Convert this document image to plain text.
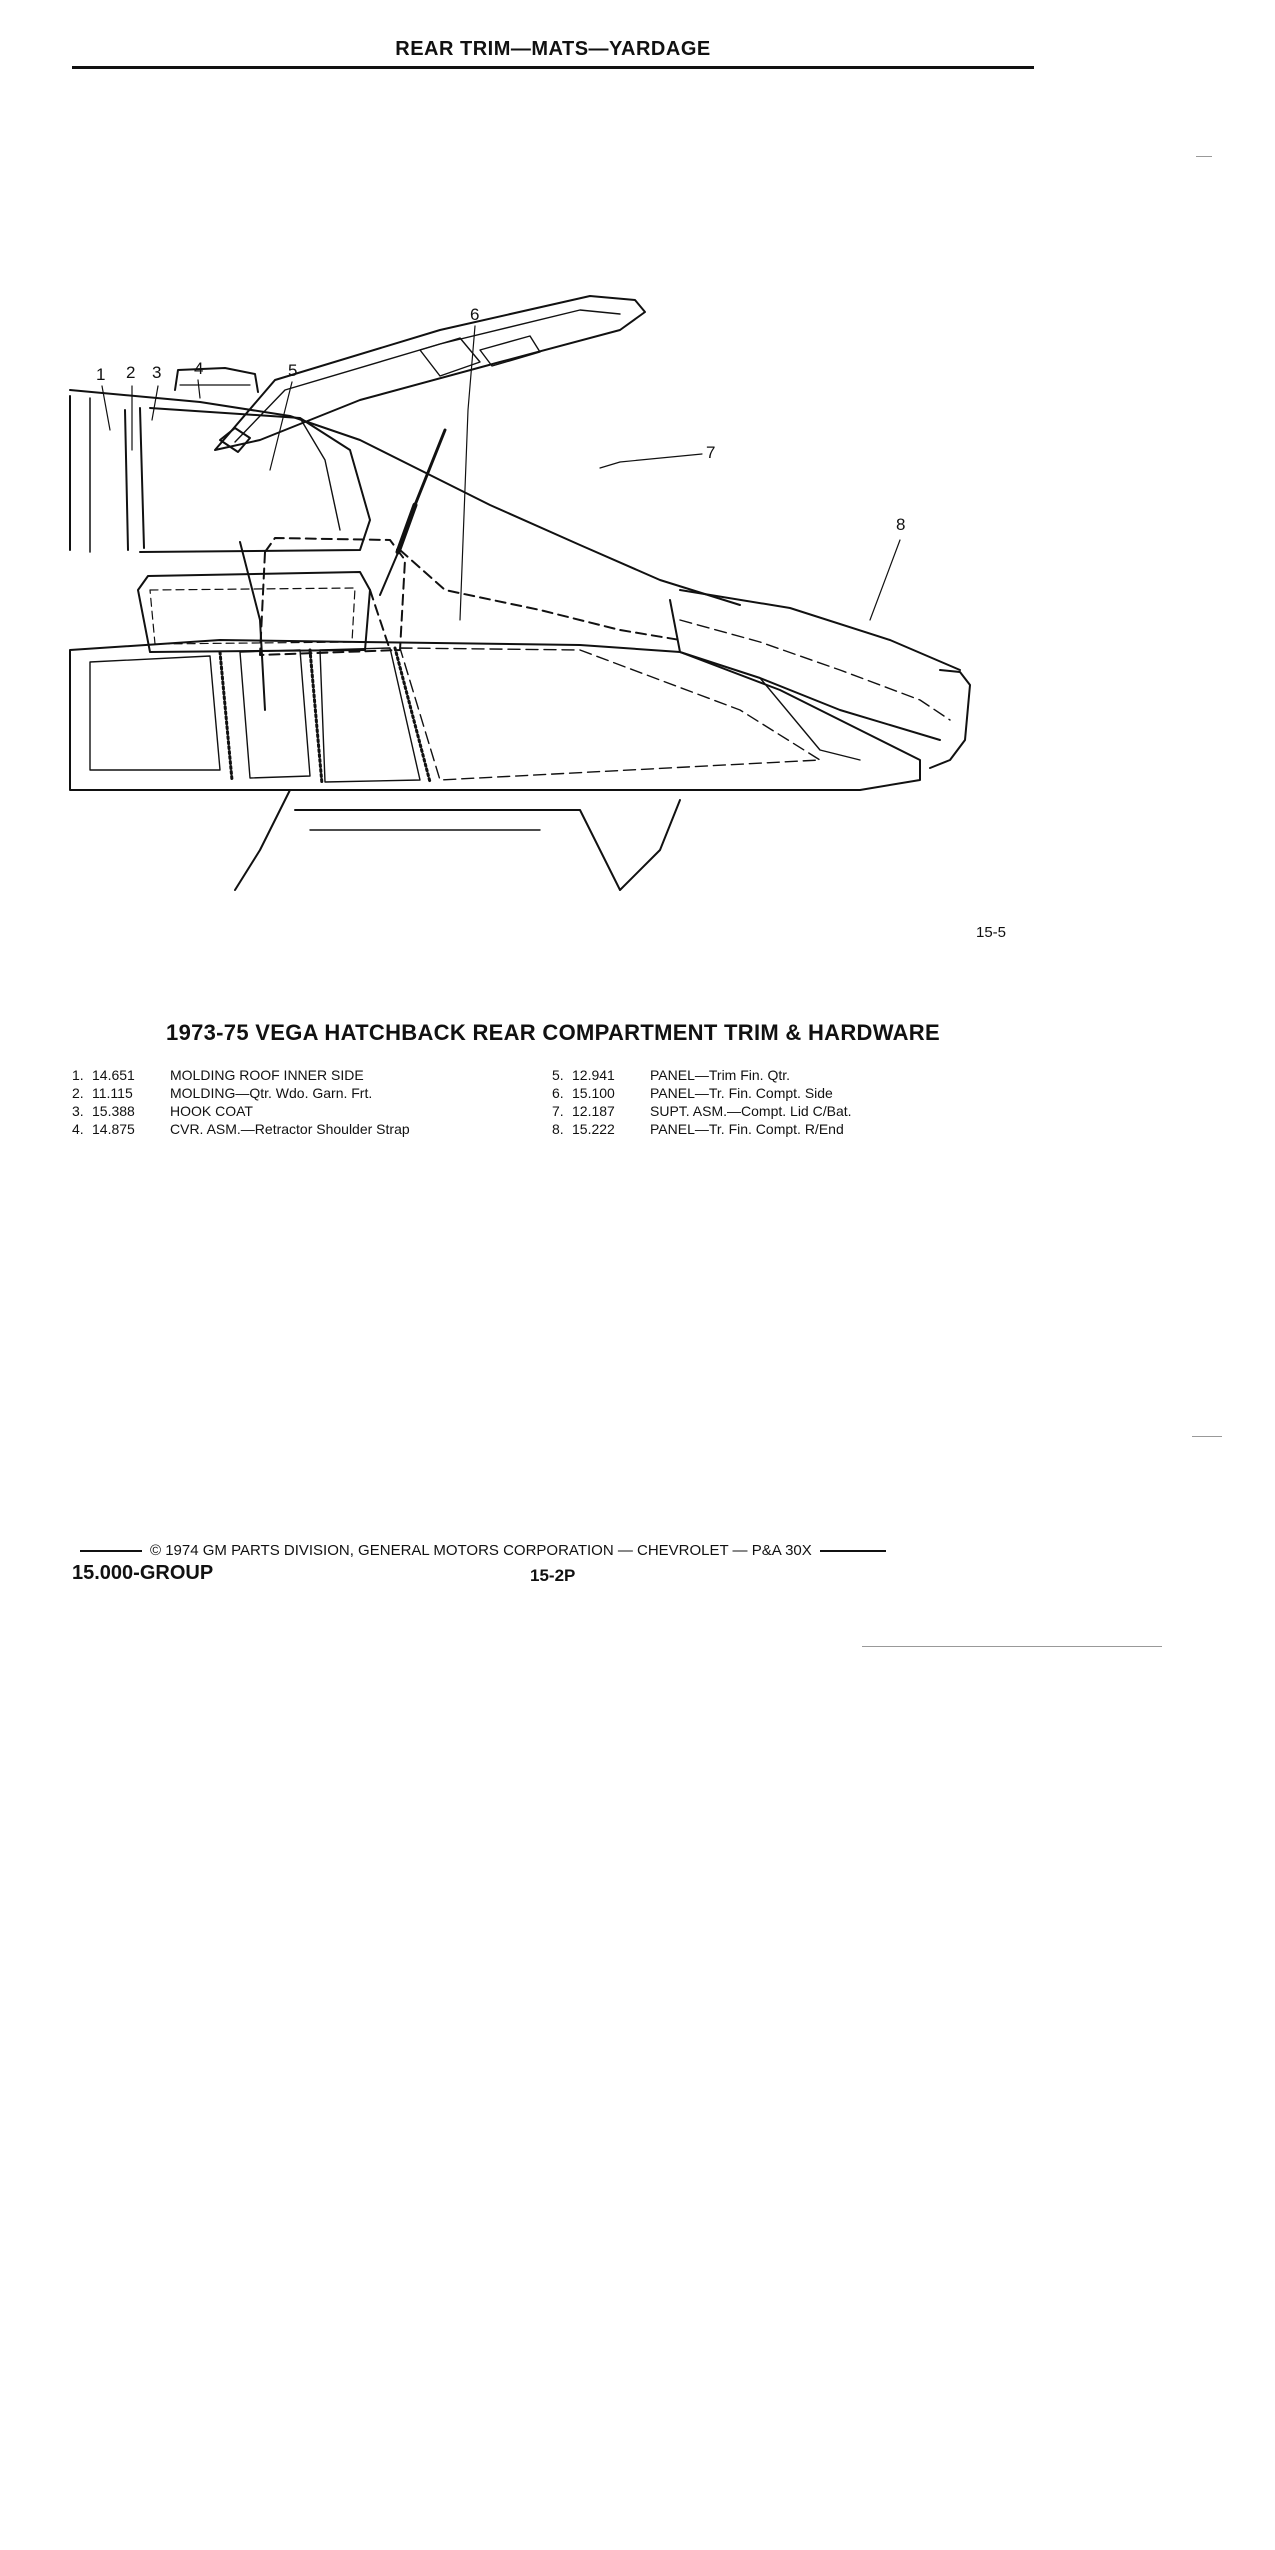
REAR TRIM—MATS—YARDAGE
1 2 3 4	5
6
7
8
15-5
1973-75 VEGA HATCHBACK REAR COMPARTMENT TRIM & HARDWARE
1. 14.651	MOLDING ROOF INNER SIDE
2. 11.115	MOLDING—Qtr. Wdo. Garn. Frt.
3. 15.388	HOOK COAT
4. 14.875	CVR. ASM.—Retractor Shoulder Strap
5. 12.941	PANEL—Trim Fin. Qtr.
6. 15.100	PANEL—Tr. Fin. Compt. Side
7. 12.187	SUPT. ASM.—Compt. Lid C/Bat.
8. 15.222	PANEL—Tr. Fin. Compt. R/End
© 1974 GM PARTS DIVISION, GENERAL MOTORS CORPORATION — CHEVROLET — P&A 30X
15.000-GROUP	15-2P
